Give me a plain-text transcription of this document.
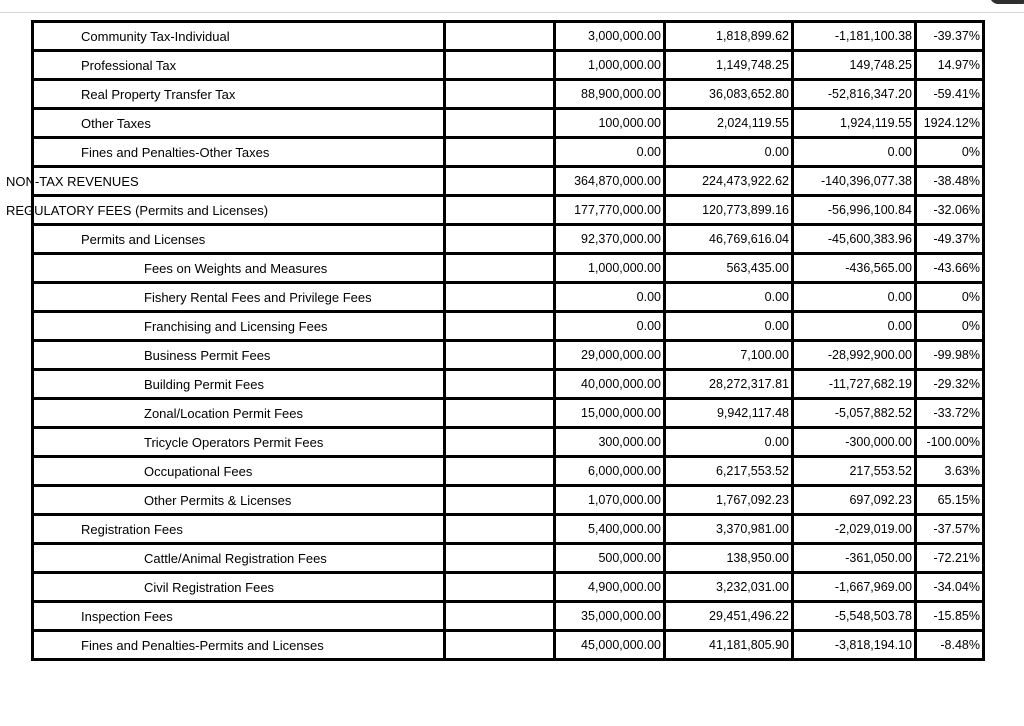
Community Tax-Individual		3,000,000.00	1,818,899.62	-1,181,100.38	-39.37%
Professional Tax		1,000,000.00	1,149,748.25	149,748.25	14.97%
Real Property Transfer Tax		88,900,000.00	36,083,652.80	-52,816,347.20	-59.41%
Other Taxes		100,000.00	2,024,119.55	1,924,119.55	1924.12%
Fines and Penalties-Other Taxes		0.00	0.00	0.00	0%
NON-TAX REVENUES		364,870,000.00	224,473,922.62	-140,396,077.38	-38.48%
REGULATORY FEES (Permits and Licenses)		177,770,000.00	120,773,899.16	-56,996,100.84	-32.06%
Permits and Licenses		92,370,000.00	46,769,616.04	-45,600,383.96	-49.37%
Fees on Weights and Measures		1,000,000.00	563,435.00	-436,565.00	-43.66%
Fishery Rental Fees and Privilege Fees		0.00	0.00	0.00	0%
Franchising and Licensing Fees		0.00	0.00	0.00	0%
Business Permit Fees		29,000,000.00	7,100.00	-28,992,900.00	-99.98%
Building Permit Fees		40,000,000.00	28,272,317.81	-11,727,682.19	-29.32%
Zonal/Location Permit Fees		15,000,000.00	9,942,117.48	-5,057,882.52	-33.72%
Tricycle Operators Permit Fees		300,000.00	0.00	-300,000.00	-100.00%
Occupational Fees		6,000,000.00	6,217,553.52	217,553.52	3.63%
Other Permits & Licenses		1,070,000.00	1,767,092.23	697,092.23	65.15%
Registration Fees		5,400,000.00	3,370,981.00	-2,029,019.00	-37.57%
Cattle/Animal Registration Fees		500,000.00	138,950.00	-361,050.00	-72.21%
Civil Registration Fees		4,900,000.00	3,232,031.00	-1,667,969.00	-34.04%
Inspection Fees		35,000,000.00	29,451,496.22	-5,548,503.78	-15.85%
Fines and Penalties-Permits and Licenses		45,000,000.00	41,181,805.90	-3,818,194.10	-8.48%
